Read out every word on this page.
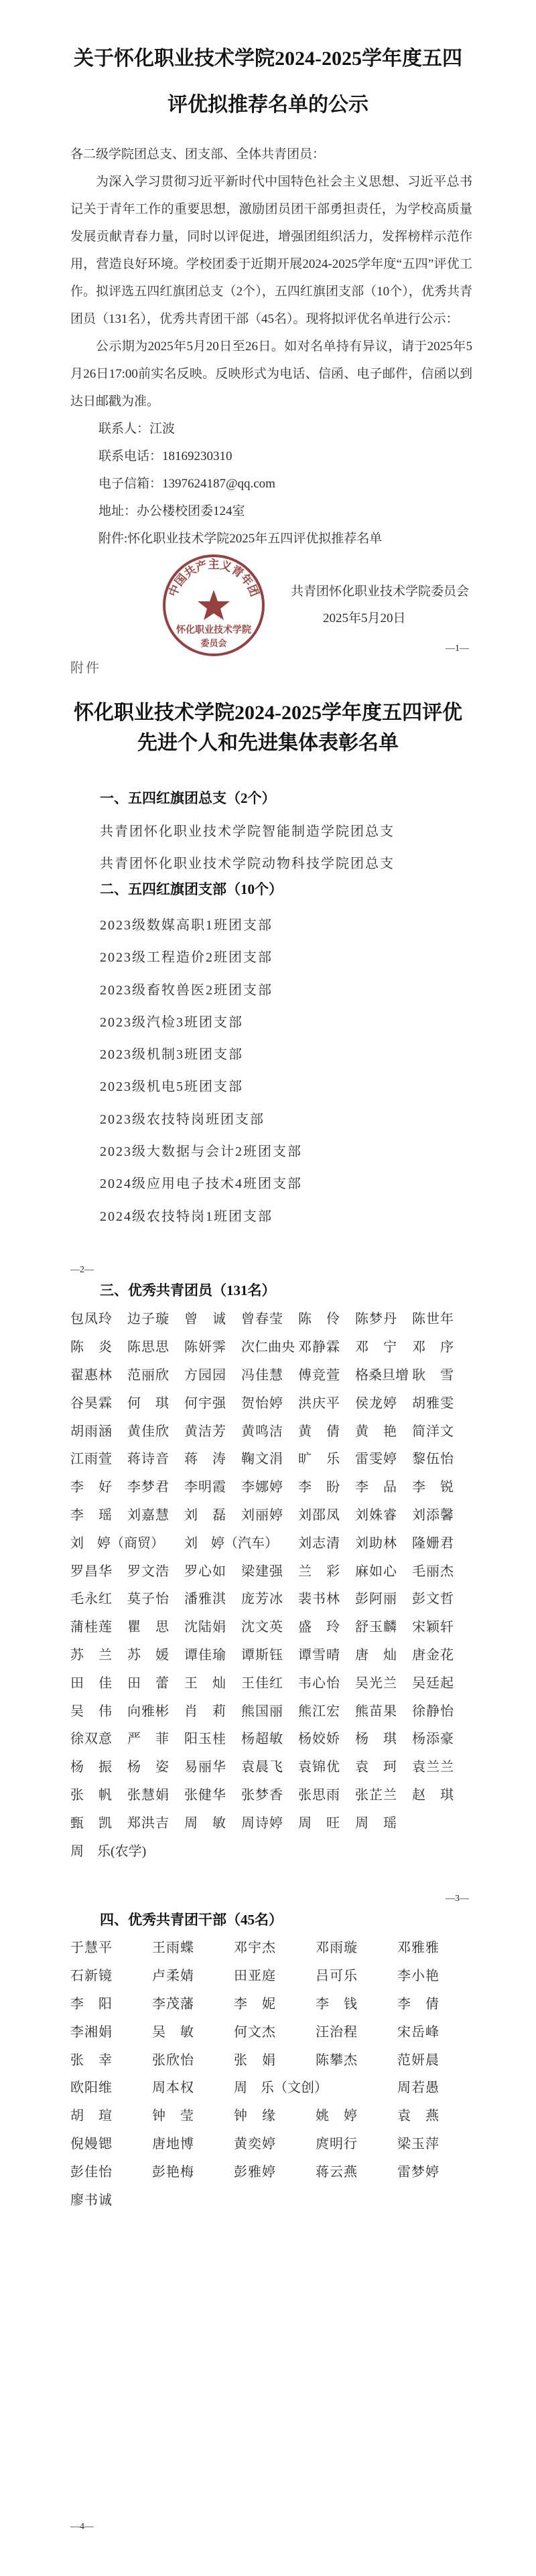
关于怀化职业技术学院2024-2025学年度五四
评优拟推荐名单的公示
各二级学院团总支、团支部、全体共青团员：
为深入学习贯彻习近平新时代中国特色社会主义思想、习近平总书记关于青年工作的重要思想，激励团员团干部勇担责任，为学校高质量发展贡献青春力量，同时以评促进，增强团组织活力，发挥榜样示范作用，营造良好环境。学校团委于近期开展2024-2025学年度“五四”评优工作。拟评选五四红旗团总支（2个），五四红旗团支部（10个），优秀共青团员（131名），优秀共青团干部（45名）。现将拟评优名单进行公示：
公示期为2025年5月20日至26日。如对名单持有异议，请于2025年5月26日17:00前实名反映。反映形式为电话、信函、电子邮件，信函以到达日邮戳为准。
联系人：江波
联系电话：18169230310
电子信箱：1397624187@qq.com
地址：办公楼校团委124室
附件:怀化职业技术学院2025年五四评优拟推荐名单
中国共产主义青年团
怀化职业技术学院
委员会
共青团怀化职业技术学院委员会
2025年5月20日
—1—
附件
怀化职业技术学院2024-2025学年度五四评优
先进个人和先进集体表彰名单
一、五四红旗团总支（2个）
共青团怀化职业技术学院智能制造学院团总支
共青团怀化职业技术学院动物科技学院团总支
二、五四红旗团支部（10个）
2023级数媒高职1班团支部
2023级工程造价2班团支部
2023级畜牧兽医2班团支部
2023级汽检3班团支部
2023级机制3班团支部
2023级机电5班团支部
2023级农技特岗班团支部
2023级大数据与会计2班团支部
2024级应用电子技术4班团支部
2024级农技特岗1班团支部
—2—
三、优秀共青团员（131名）
包凤玲 边子璇 曾诚 曾春莹 陈伶 陈梦丹 陈世年
陈炎 陈思思 陈妍霁 次仁曲央 邓静霖 邓宁 邓序
翟惠林 范丽欣 方园园 冯佳慧 傅竞萱 格桑旦增 耿雪
谷昊霖 何琪 何宇强 贺怡婷 洪庆平 侯龙婷 胡雅雯
胡雨涵 黄佳欣 黄洁芳 黄鸣洁 黄倩 黄艳 简洋文
江雨萱 蒋诗音 蒋涛 鞠文涓 旷乐 雷雯婷 黎伍怡
李好 李梦君 李明霞 李娜婷 李盼 李品 李锐
李瑶 刘嘉慧 刘磊 刘丽婷 刘邵凤 刘姝睿 刘添馨
刘　婷（商贸）	刘　婷（汽车）	刘志清 刘助林 隆姗君
罗昌华 罗文浩 罗心如 梁建强 兰彩 麻如心 毛丽杰
毛永红 莫子怡 潘雅淇 庞芳冰 裴书林 彭阿丽 彭文哲
蒲桂莲 瞿思 沈陆娟 沈文英 盛玲 舒玉麟 宋颖轩
苏兰 苏媛 谭佳瑜 谭斯钰 谭雪晴 唐灿 唐金花
田佳 田蕾 王灿 王佳红 韦心怡 吴光兰 吴廷起
吴伟 向雅彬 肖莉 熊国丽 熊江宏 熊苗果 徐静怡
徐双意 严菲 阳玉桂 杨超敏 杨姣娇 杨琪 杨添豪
杨振 杨姿 易丽华 袁晨飞 袁锦优 袁珂 袁兰兰
张帆 张慧娟 张健华 张梦香 张思雨 张芷兰 赵琪
甄凯 郑洪吉 周敏 周诗婷 周旺 周瑶
周　乐(农学)
—3—
四、优秀共青团干部（45名）
于慧平	王雨蝶	邓宇杰	邓雨璇	邓雅雅
石新镜	卢柔婧	田亚庭	吕可乐	李小艳
李阳	李茂藩	李妮	李钱	李倩
李湘娟	吴敏	何文杰	汪治程	宋岳峰
张幸	张欣怡	张娟	陈攀杰	范妍晨
欧阳维	周本权	周　乐（文创）	周若愚
胡瑄	钟莹	钟缘	姚婷	袁燕
倪嫚锶	唐地博	黄奕婷	庹明行	梁玉萍
彭佳怡	彭艳梅	彭雅婷	蒋云燕	雷梦婷
廖书诚
—4—
